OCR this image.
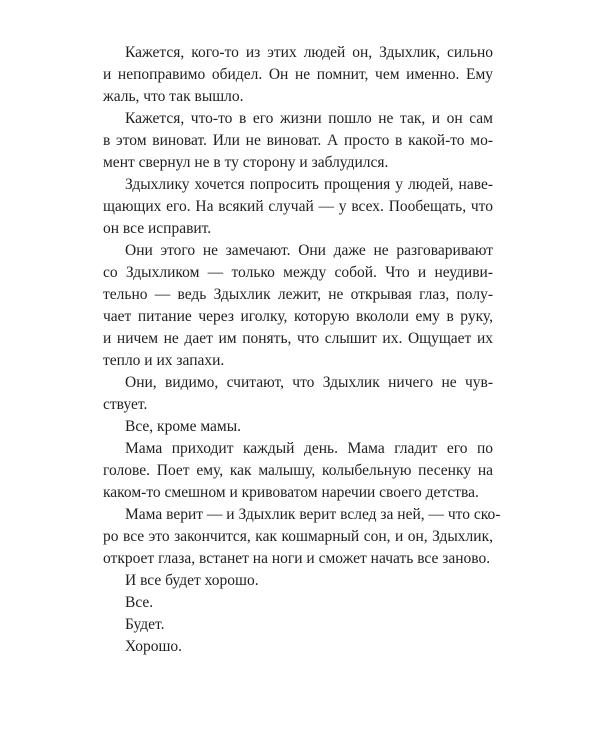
Кажется, кого-то из этих людей он, Здыхлик, сильно
и непоправимо обидел. Он не помнит, чем именно. Ему
жаль, что так вышло.

Кажется, что-то в его жизни пошло не так, и он сам
в этом виноват. Или не виноват. А просто в какой-то мо-
мент свернул не в ту сторону и заблудился.

Здыхлику хочется попросить прощения у людей, наве-
щающих его. На всякий случай — у всех. Пообещать, что
он все исправит.

Они этого не замечают. Они даже не разговаривают
со Здыхликом — только между собой. Что и неудиви-
тельно — ведь Здыхлик лежит, не открывая глаз, полу-
чает питание через иголку, которую вкололи ему в руку,
и ничем не дает им понять, что слышит их. Ощущает их
тепло и их запахи.

Они, видимо, считают, что Здыхлик ничего не чув-
ствует.

Все, кроме мамы.

Мама приходит каждый день. Мама гладит его по
голове. Поет ему, как малышу, колыбельную песенку на
каком-то смешном и кривоватом наречии своего детства.

Мама верит — и Здыхлик верит вслед за ней, — что ско-
ро все это закончится, как кошмарный сон, и он, Здыхлик,
откроет глаза, встанет на ноги и сможет начать все заново.

И все будет хорошо.

Все.

Будет.

Хорошо.
